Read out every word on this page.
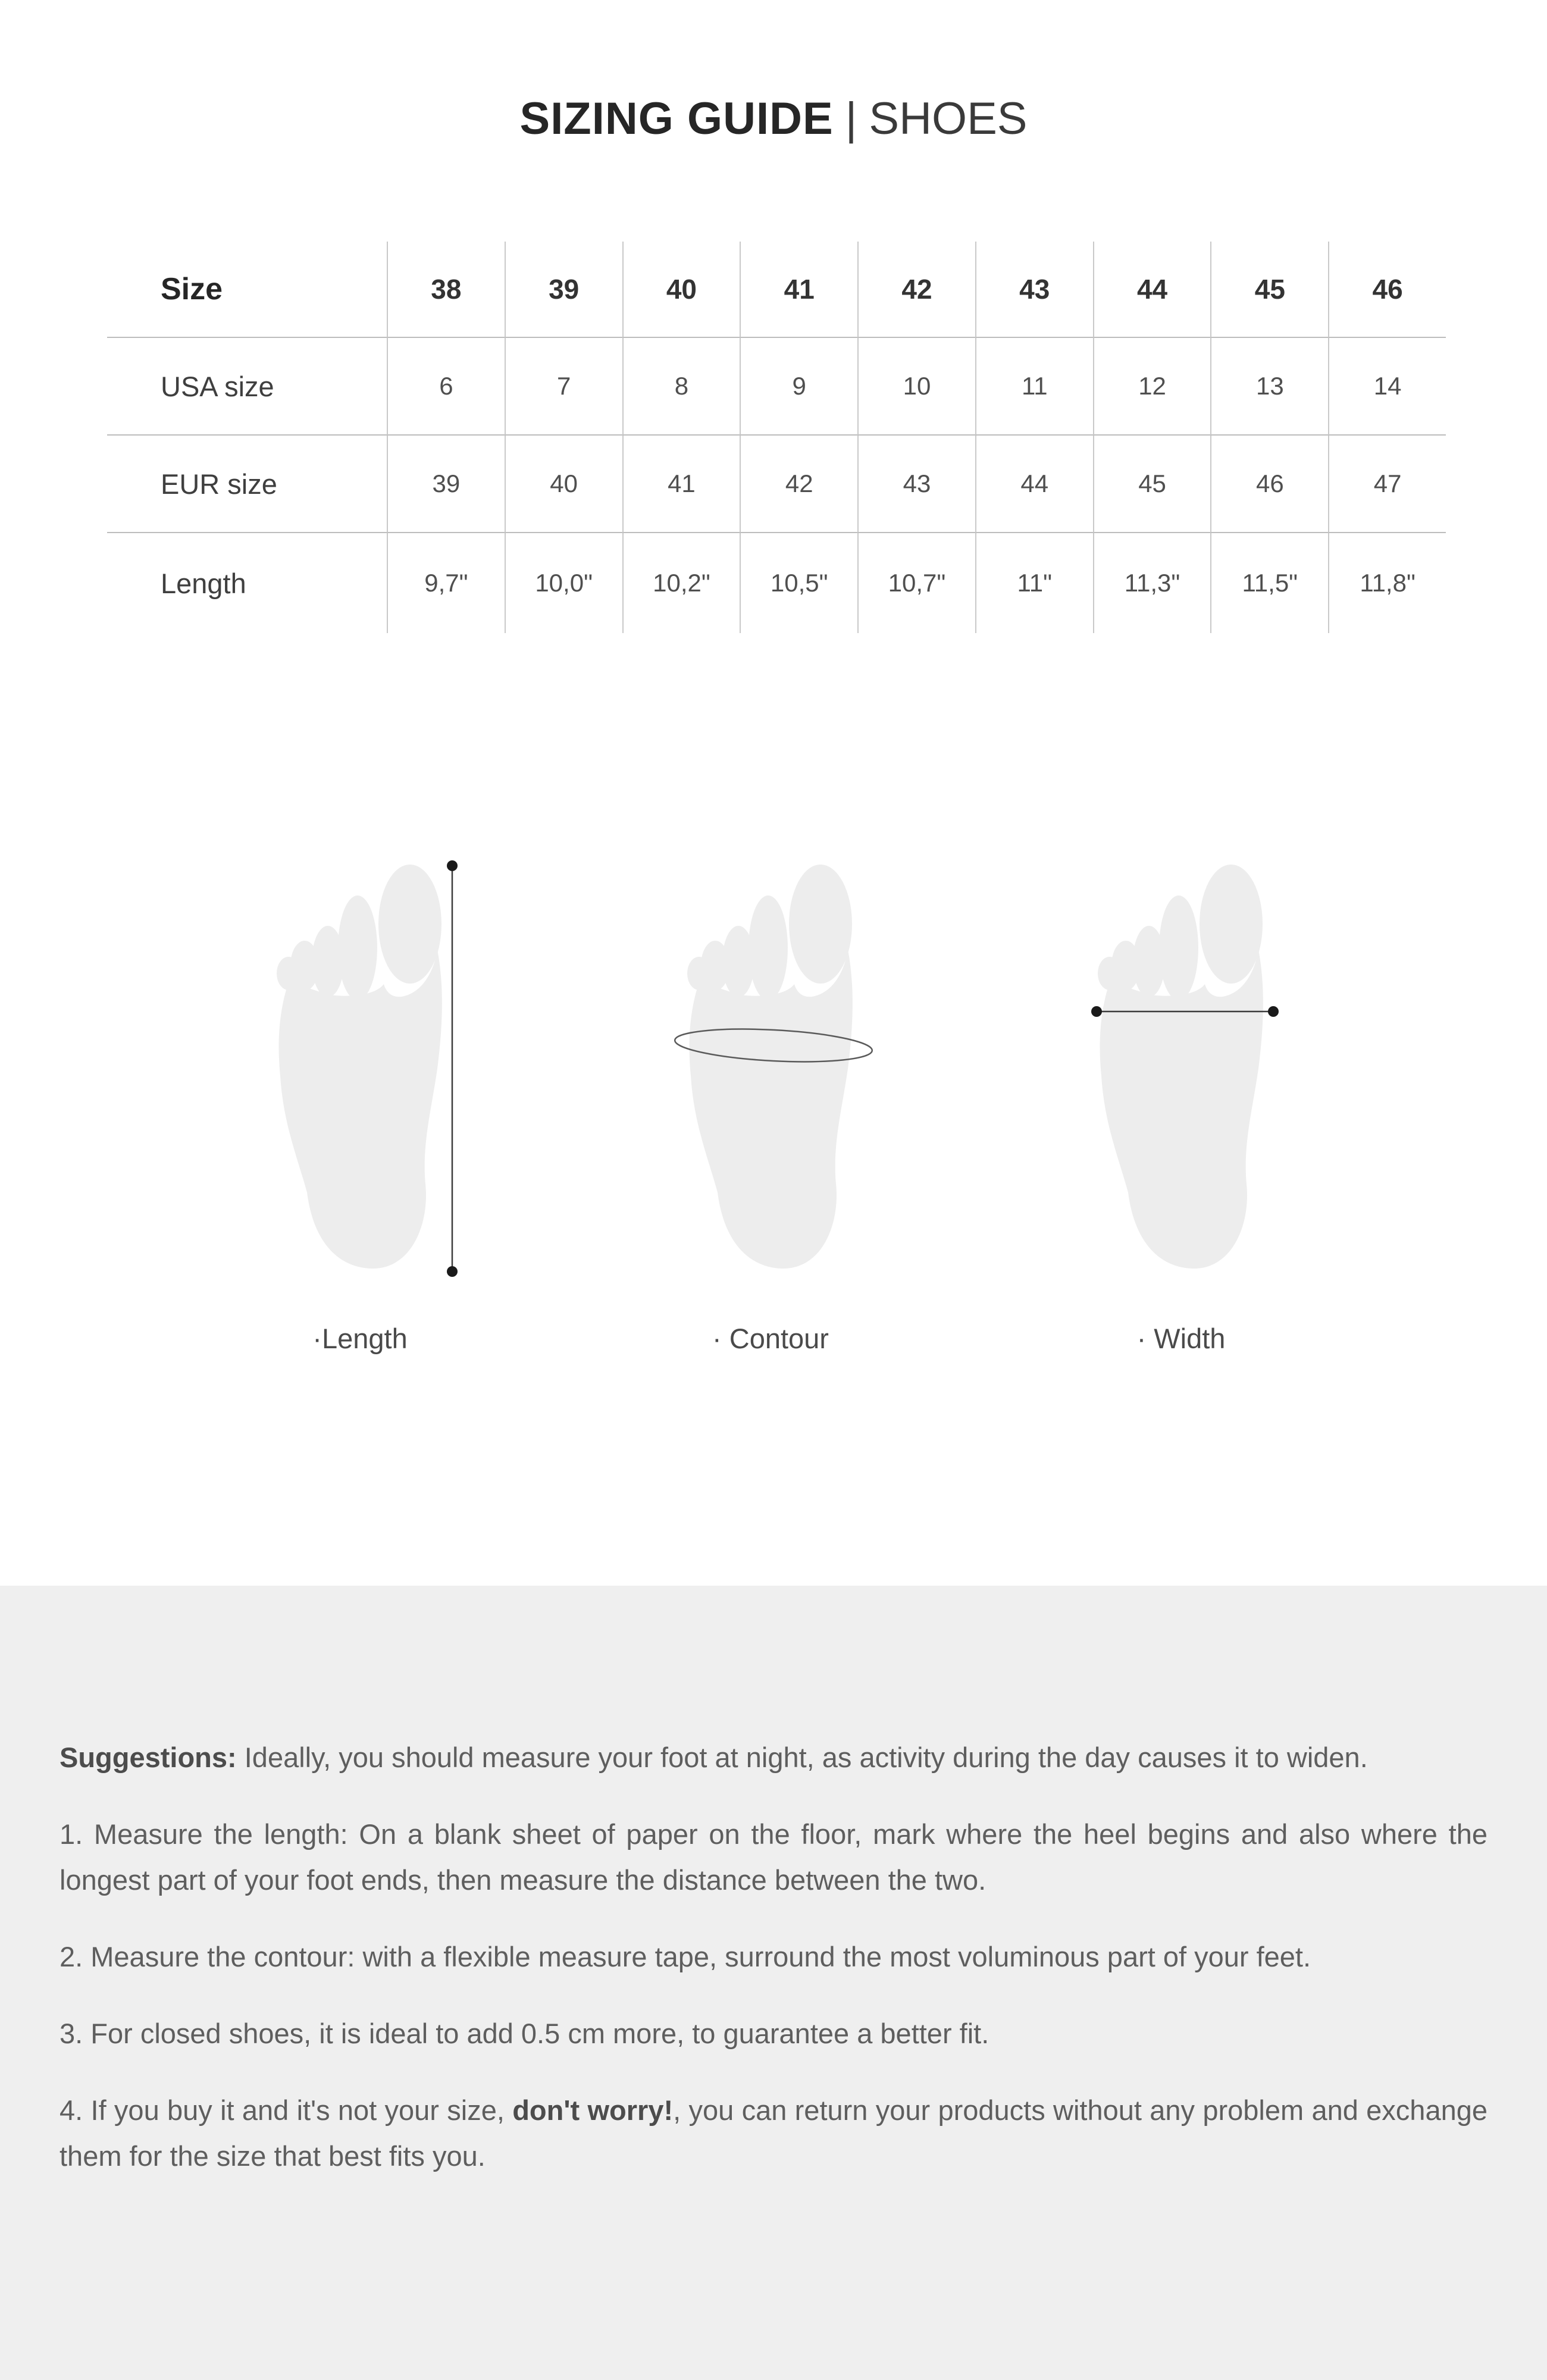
SIZING GUIDE | SHOES
Size	38	39	40	41	42	43	44	45	46
USA size	6	7	8	9	10	11	12	13	14
EUR size	39	40	41	42	43	44	45	46	47
Length	9,7"	10,0"	10,2"	10,5"	10,7"	11"	11,3"	11,5"	11,8"
·Length	· Contour	· Width

Suggestions: Ideally, you should measure your foot at night, as activity during the day causes it to widen.

1. Measure the length: On a blank sheet of paper on the floor, mark where the heel begins and also where the longest part of your foot ends, then measure the distance between the two.

2. Measure the contour: with a flexible measure tape, surround the most voluminous part of your feet.

3. For closed shoes, it is ideal to add 0.5 cm more, to guarantee a better fit.

4. If you buy it and it's not your size, don't worry!, you can return your products without any problem and exchange them for the size that best fits you.
